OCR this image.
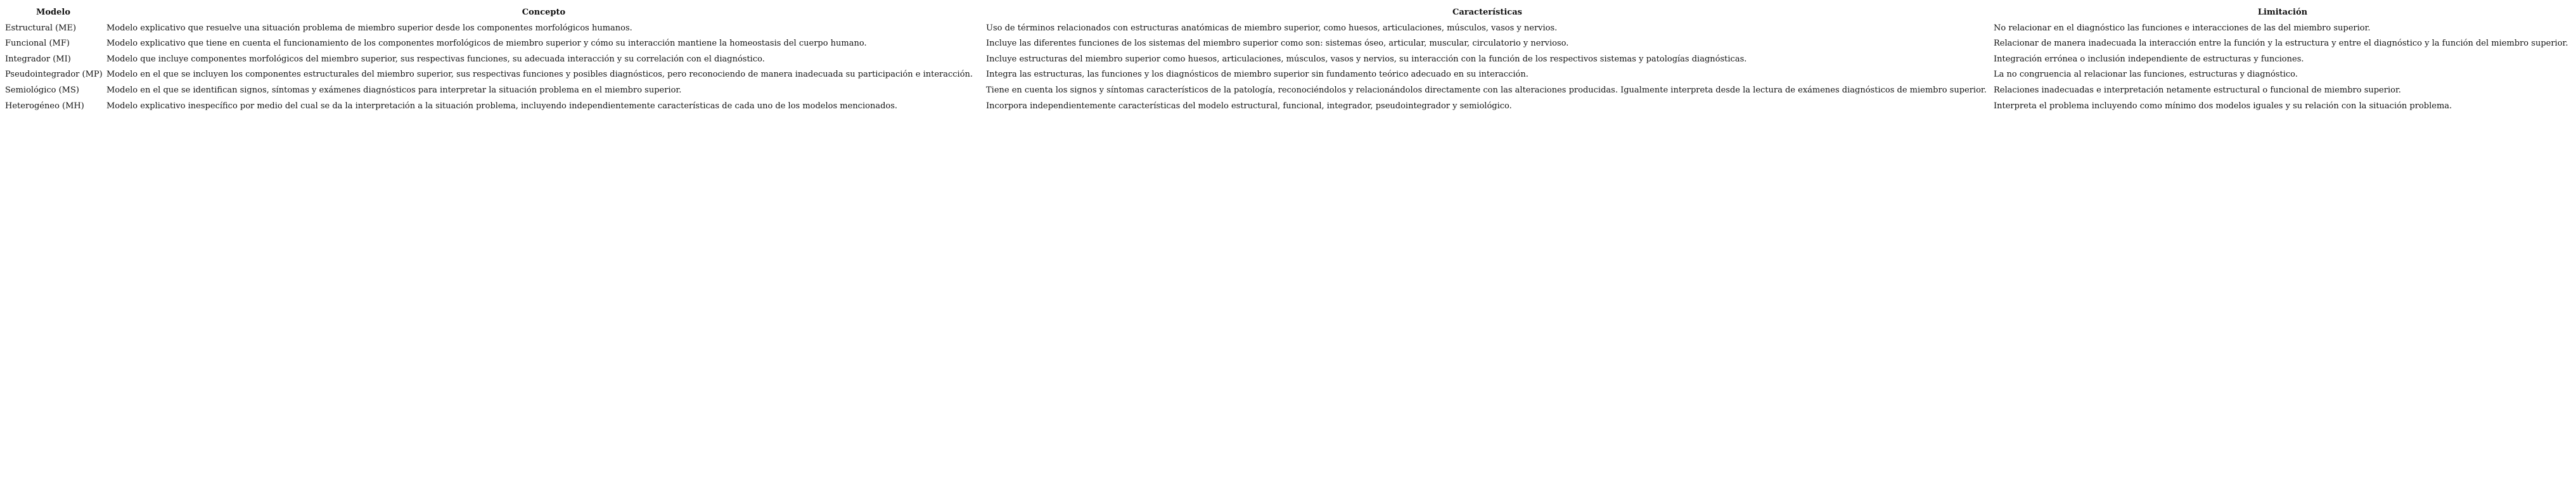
Modelo	Concepto	Características	Limitación
Estructural (ME)	Modelo explicativo que resuelve una situación problema de miembro superior desde los componentes morfológicos humanos.	Uso de términos relacionados con estructuras anatómicas de miembro superior, como huesos, articulaciones, músculos, vasos y nervios.	No relacionar en el diagnóstico las funciones e interacciones de las del miembro superior.
Funcional (MF)	Modelo explicativo que tiene en cuenta el funcionamiento de los componentes morfológicos de miembro superior y cómo su interacción mantiene la homeostasis del cuerpo humano.	Incluye las diferentes funciones de los sistemas del miembro superior como son: sistemas óseo, articular, muscular, circulatorio y nervioso.	Relacionar de manera inadecuada la interacción entre la función y la estructura y entre el diagnóstico y la función del miembro superior.
Integrador (MI)	Modelo que incluye componentes morfológicos del miembro superior, sus respectivas funciones, su adecuada interacción y su correlación con el diagnóstico.	Incluye estructuras del miembro superior como huesos, articulaciones, músculos, vasos y nervios, su interacción con la función de los respectivos sistemas y patologías diagnósticas.	Integración errónea o inclusión independiente de estructuras y funciones.
Pseudointegrador (MP)	Modelo en el que se incluyen los componentes estructurales del miembro superior, sus respectivas funciones y posibles diagnósticos, pero reconociendo de manera inadecuada su participación e interacción.	Integra las estructuras, las funciones y los diagnósticos de miembro superior sin fundamento teórico adecuado en su interacción.	La no congruencia al relacionar las funciones, estructuras y diagnóstico.
Semiológico (MS)	Modelo en el que se identifican signos, síntomas y exámenes diagnósticos para interpretar la situación problema en el miembro superior.	Tiene en cuenta los signos y síntomas característicos de la patología, reconociéndolos y relacionándolos directamente con las alteraciones producidas. Igualmente interpreta desde la lectura de exámenes diagnósticos de miembro superior.	Relaciones inadecuadas e interpretación netamente estructural o funcional de miembro superior.
Heterogéneo (MH)	Modelo explicativo inespecífico por medio del cual se da la interpretación a la situación problema, incluyendo independientemente características de cada uno de los modelos mencionados.	Incorpora independientemente características del modelo estructural, funcional, integrador, pseudointegrador y semiológico.	Interpreta el problema incluyendo como mínimo dos modelos iguales y su relación con la situación problema.
